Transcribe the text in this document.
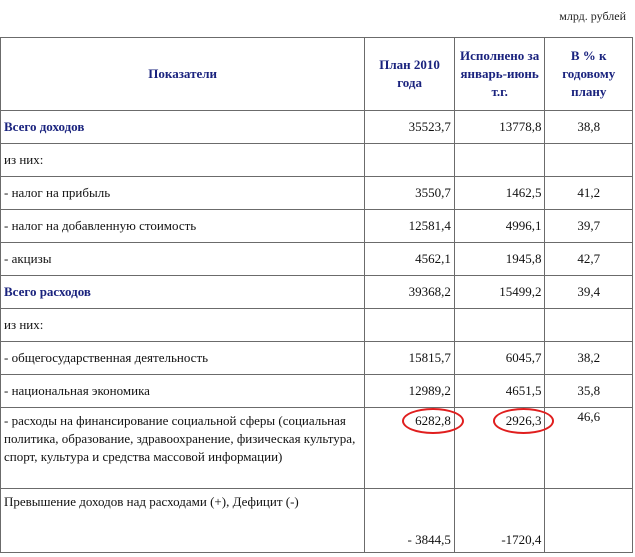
млрд. рублей
Показатели	План 2010 года	Исполнено за январь-июнь т.г.	В % к годовому плану
Всего доходов	35523,7	13778,8	38,8
из них:			
- налог на прибыль	3550,7	1462,5	41,2
- налог на добавленную стоимость	12581,4	4996,1	39,7
- акцизы	4562,1	1945,8	42,7
Всего расходов	39368,2	15499,2	39,4
из них:			
- общегосударственная деятельность	15815,7	6045,7	38,2
- национальная экономика	12989,2	4651,5	35,8
- расходы на финансирование социальной сферы (социальная политика, образование, здравоохранение, физическая культура, спорт, культура и средства массовой информации)	6282,8	2926,3	46,6
Превышение доходов над расходами (+), Дефицит (-)	- 3844,5	-1720,4	
